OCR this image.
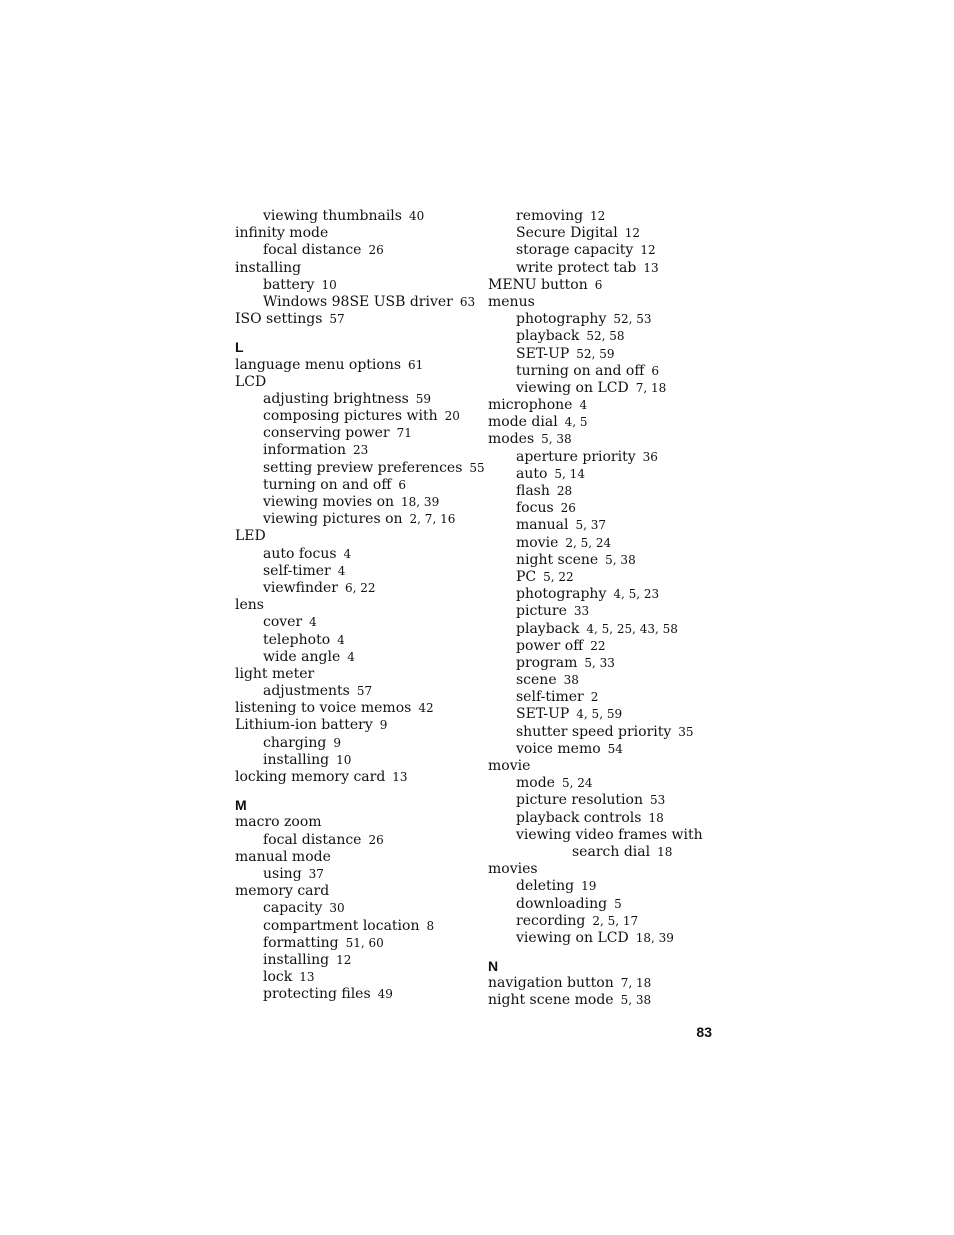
viewing thumbnails 40
infinity mode
focal distance 26
installing
battery 10
Windows 98SE USB driver 63
ISO settings 57
L
language menu options 61
LCD
adjusting brightness 59
composing pictures with 20
conserving power 71
information 23
setting preview preferences 55
turning on and off 6
viewing movies on 18, 39
viewing pictures on 2, 7, 16
LED
auto focus 4
self-timer 4
viewfinder 6, 22
lens
cover 4
telephoto 4
wide angle 4
light meter
adjustments 57
listening to voice memos 42
Lithium-ion battery 9
charging 9
installing 10
locking memory card 13
M
macro zoom
focal distance 26
manual mode
using 37
memory card
capacity 30
compartment location 8
formatting 51, 60
installing 12
lock 13
protecting files 49
removing 12
Secure Digital 12
storage capacity 12
write protect tab 13
MENU button 6
menus
photography 52, 53
playback 52, 58
SET-UP 52, 59
turning on and off 6
viewing on LCD 7, 18
microphone 4
mode dial 4, 5
modes 5, 38
aperture priority 36
auto 5, 14
flash 28
focus 26
manual 5, 37
movie 2, 5, 24
night scene 5, 38
PC 5, 22
photography 4, 5, 23
picture 33
playback 4, 5, 25, 43, 58
power off 22
program 5, 33
scene 38
self-timer 2
SET-UP 4, 5, 59
shutter speed priority 35
voice memo 54
movie
mode 5, 24
picture resolution 53
playback controls 18
viewing video frames with
search dial 18
movies
deleting 19
downloading 5
recording 2, 5, 17
viewing on LCD 18, 39
N
navigation button 7, 18
night scene mode 5, 38
83
